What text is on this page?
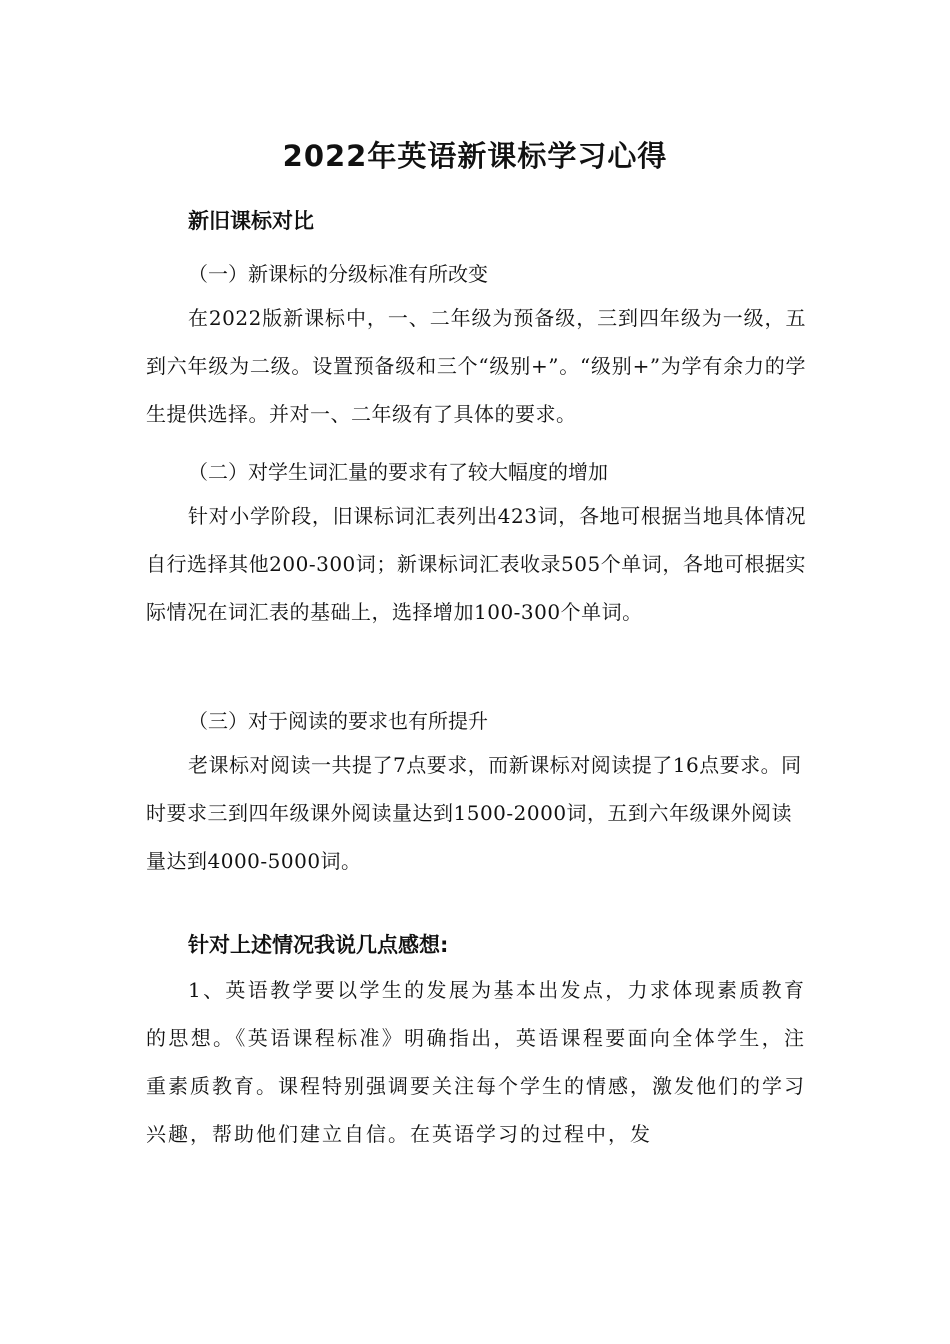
2022年英语新课标学习心得
新旧课标对比
（一）新课标的分级标准有所改变
在2022版新课标中，一、二年级为预备级，三到四年级为一级，五到六年级为二级。设置预备级和三个“级别+”。“级别+”为学有余力的学生提供选择。并对一、二年级有了具体的要求。
（二）对学生词汇量的要求有了较大幅度的增加
针对小学阶段，旧课标词汇表列出423词，各地可根据当地具体情况自行选择其他200-300词；新课标词汇表收录505个单词，各地可根据实际情况在词汇表的基础上，选择增加100-300个单词。
（三）对于阅读的要求也有所提升
老课标对阅读一共提了7点要求，而新课标对阅读提了16点要求。同时要求三到四年级课外阅读量达到1500-2000词，五到六年级课外阅读量达到4000-5000词。
针对上述情况我说几点感想:
1、英语教学要以学生的发展为基本出发点，力求体现素质教育的思想。《英语课程标准》明确指出，英语课程要面向全体学生，注重素质教育。课程特别强调要关注每个学生的情感，激发他们的学习兴趣，帮助他们建立自信。在英语学习的过程中，发
